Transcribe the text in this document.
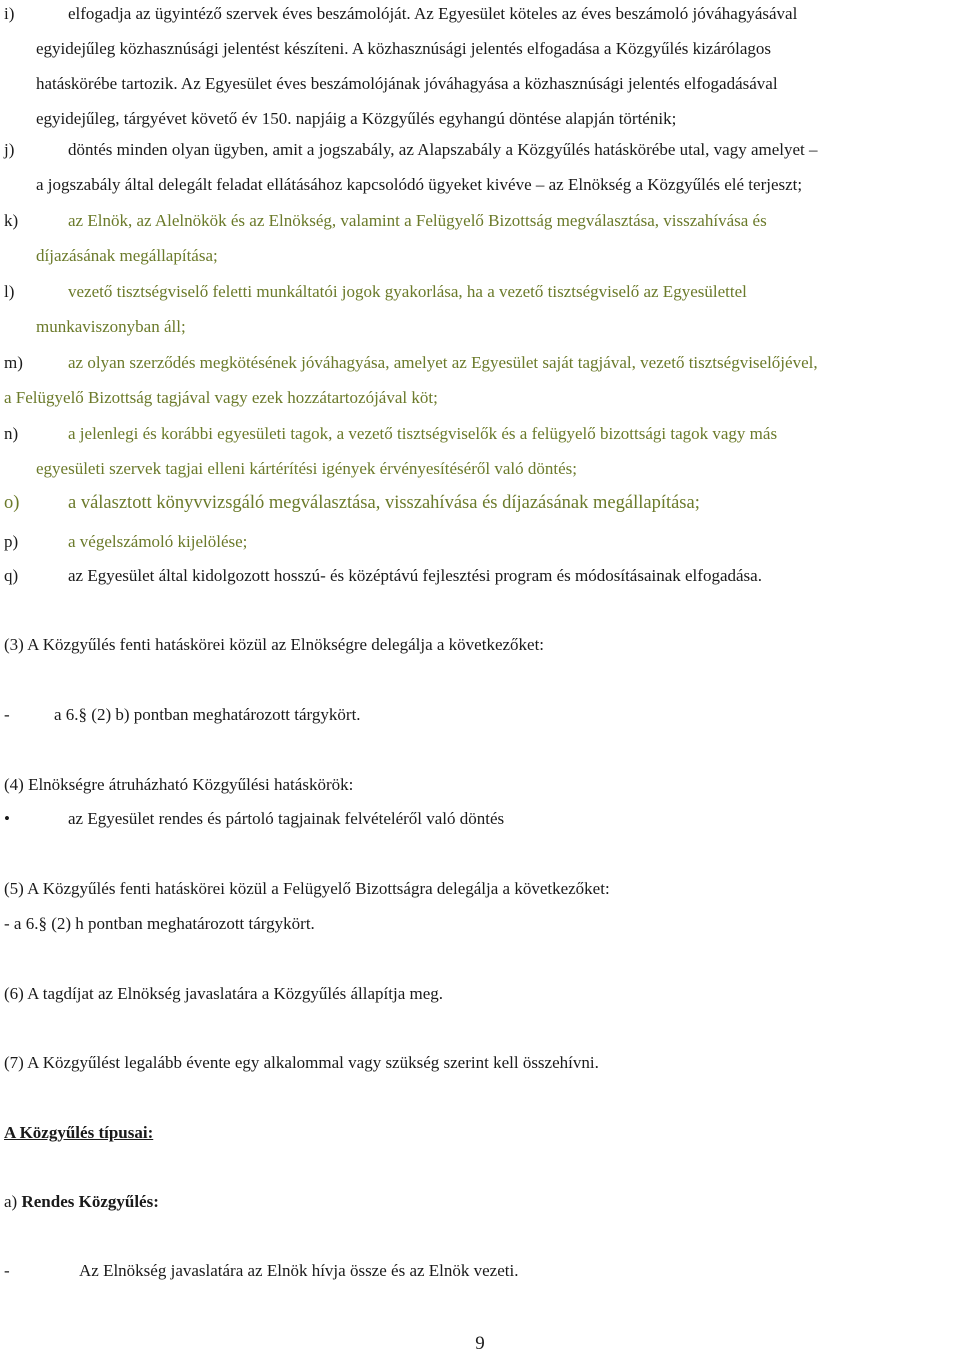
i)	elfogadja az ügyintéző szervek éves beszámolóját. Az Egyesület köteles az éves beszámoló jóváhagyásával
egyidejűleg közhasznúsági jelentést készíteni. A közhasznúsági jelentés elfogadása a Közgyűlés kizárólagos
hatáskörébe tartozik. Az Egyesület éves beszámolójának jóváhagyása a közhasznúsági jelentés elfogadásával
egyidejűleg, tárgyévet követő év 150. napjáig a Közgyűlés egyhangú döntése alapján történik;
j)	döntés minden olyan ügyben, amit a jogszabály, az Alapszabály a Közgyűlés hatáskörébe utal, vagy amelyet –
a jogszabály által delegált feladat ellátásához kapcsolódó ügyeket kivéve – az Elnökség a Közgyűlés elé terjeszt;
k)	az Elnök, az Alelnökök és az Elnökség, valamint a Felügyelő Bizottság megválasztása, visszahívása és
díjazásának megállapítása;
l)	vezető tisztségviselő feletti munkáltatói jogok gyakorlása, ha a vezető tisztségviselő az Egyesülettel
munkaviszonyban áll;
m)	az olyan szerződés megkötésének jóváhagyása, amelyet az Egyesület saját tagjával, vezető tisztségviselőjével,
a Felügyelő Bizottság tagjával vagy ezek hozzátartozójával köt;
n)	a jelenlegi és korábbi egyesületi tagok, a vezető tisztségviselők és a felügyelő bizottsági tagok vagy más
egyesületi szervek tagjai elleni kártérítési igények érvényesítéséről való döntés;
o)	a választott könyvvizsgáló megválasztása, visszahívása és díjazásának megállapítása;
p)	a végelszámoló kijelölése;
q)	az Egyesület által kidolgozott hosszú- és középtávú fejlesztési program és módosításainak elfogadása.
(3) A Közgyűlés fenti hatáskörei közül az Elnökségre delegálja a következőket:
-	a 6.§ (2) b) pontban meghatározott tárgykört.
(4) Elnökségre átruházható Közgyűlési hatáskörök:
•	az Egyesület rendes és pártoló tagjainak felvételéről való döntés
(5) A Közgyűlés fenti hatáskörei közül a Felügyelő Bizottságra delegálja a következőket:
- a 6.§ (2) h pontban meghatározott tárgykört.
(6) A tagdíjat az Elnökség javaslatára a Közgyűlés állapítja meg.
(7) A Közgyűlést legalább évente egy alkalommal vagy szükség szerint kell összehívni.
A Közgyűlés típusai:
a) Rendes Közgyűlés:
-	Az Elnökség javaslatára az Elnök hívja össze és az Elnök vezeti.
9
